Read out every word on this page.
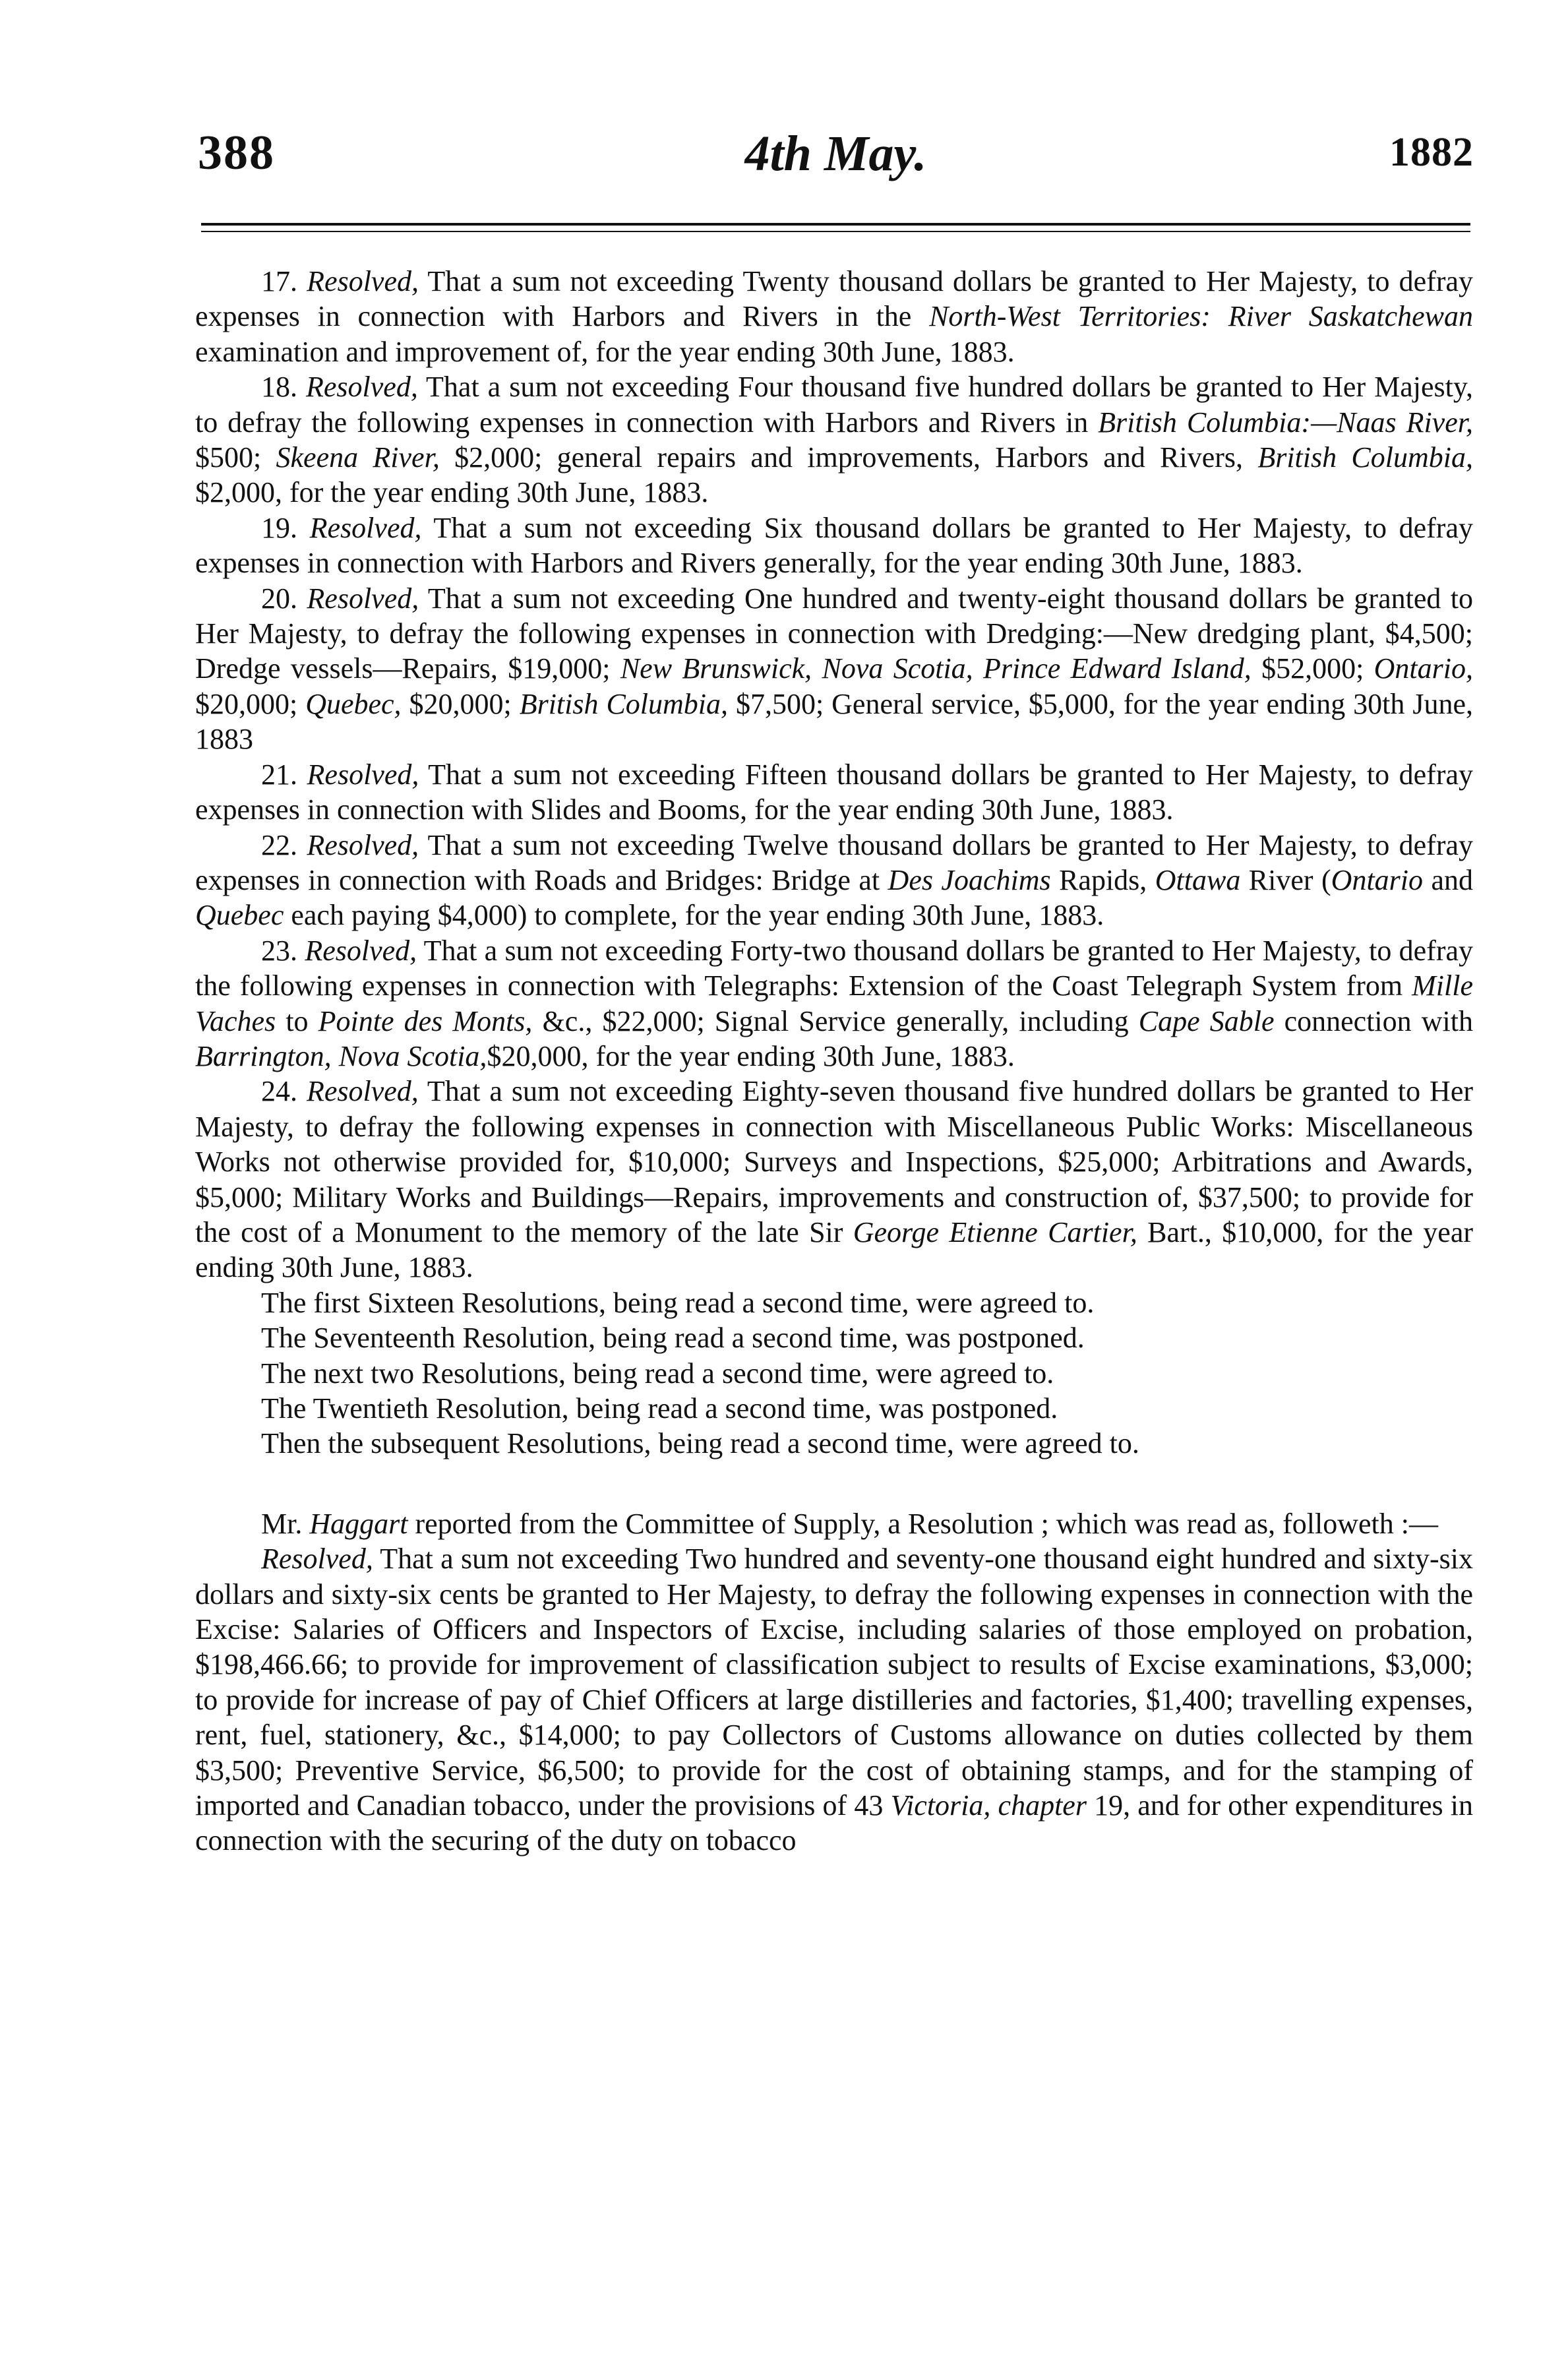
388	4th May.	1882

17. Resolved, That a sum not exceeding Twenty thousand dollars be granted to Her Majesty, to defray expenses in connection with Harbors and Rivers in the North-West Territories: River Saskatchewan examination and improvement of, for the year ending 30th June, 1883.

18. Resolved, That a sum not exceeding Four thousand five hundred dollars be granted to Her Majesty, to defray the following expenses in connection with Harbors and Rivers in British Columbia:—Naas River, $500; Skeena River, $2,000; general repairs and improvements, Harbors and Rivers, British Columbia, $2,000, for the year ending 30th June, 1883.

19. Resolved, That a sum not exceeding Six thousand dollars be granted to Her Majesty, to defray expenses in connection with Harbors and Rivers generally, for the year ending 30th June, 1883.

20. Resolved, That a sum not exceeding One hundred and twenty-eight thousand dollars be granted to Her Majesty, to defray the following expenses in connection with Dredging:—New dredging plant, $4,500; Dredge vessels—Repairs, $19,000; New Brunswick, Nova Scotia, Prince Edward Island, $52,000; Ontario, $20,000; Quebec, $20,000; British Columbia, $7,500; General service, $5,000, for the year ending 30th June, 1883

21. Resolved, That a sum not exceeding Fifteen thousand dollars be granted to Her Majesty, to defray expenses in connection with Slides and Booms, for the year ending 30th June, 1883.

22. Resolved, That a sum not exceeding Twelve thousand dollars be granted to Her Majesty, to defray expenses in connection with Roads and Bridges: Bridge at Des Joachims Rapids, Ottawa River (Ontario and Quebec each paying $4,000) to complete, for the year ending 30th June, 1883.

23. Resolved, That a sum not exceeding Forty-two thousand dollars be granted to Her Majesty, to defray the following expenses in connection with Telegraphs: Extension of the Coast Telegraph System from Mille Vaches to Pointe des Monts, &c., $22,000; Signal Service generally, including Cape Sable connection with Barrington, Nova Scotia,$20,000, for the year ending 30th June, 1883.

24. Resolved, That a sum not exceeding Eighty-seven thousand five hundred dollars be granted to Her Majesty, to defray the following expenses in connection with Miscellaneous Public Works: Miscellaneous Works not otherwise provided for, $10,000; Surveys and Inspections, $25,000; Arbitrations and Awards, $5,000; Military Works and Buildings—Repairs, improvements and construction of, $37,500; to provide for the cost of a Monument to the memory of the late Sir George Etienne Cartier, Bart., $10,000, for the year ending 30th June, 1883.

The first Sixteen Resolutions, being read a second time, were agreed to.

The Seventeenth Resolution, being read a second time, was postponed.

The next two Resolutions, being read a second time, were agreed to.

The Twentieth Resolution, being read a second time, was postponed.

Then the subsequent Resolutions, being read a second time, were agreed to.

Mr. Haggart reported from the Committee of Supply, a Resolution ; which was read as, followeth :—

Resolved, That a sum not exceeding Two hundred and seventy-one thousand eight hundred and sixty-six dollars and sixty-six cents be granted to Her Majesty, to defray the following expenses in connection with the Excise: Salaries of Officers and Inspectors of Excise, including salaries of those employed on probation, $198,466.66; to provide for improvement of classification subject to results of Excise examinations, $3,000; to provide for increase of pay of Chief Officers at large distilleries and factories, $1,400; travelling expenses, rent, fuel, stationery, &c., $14,000; to pay Collectors of Customs allowance on duties collected by them $3,500; Preventive Service, $6,500; to provide for the cost of obtaining stamps, and for the stamping of imported and Canadian tobacco, under the provisions of 43 Victoria, chapter 19, and for other expenditures in connection with the securing of the duty on tobacco
